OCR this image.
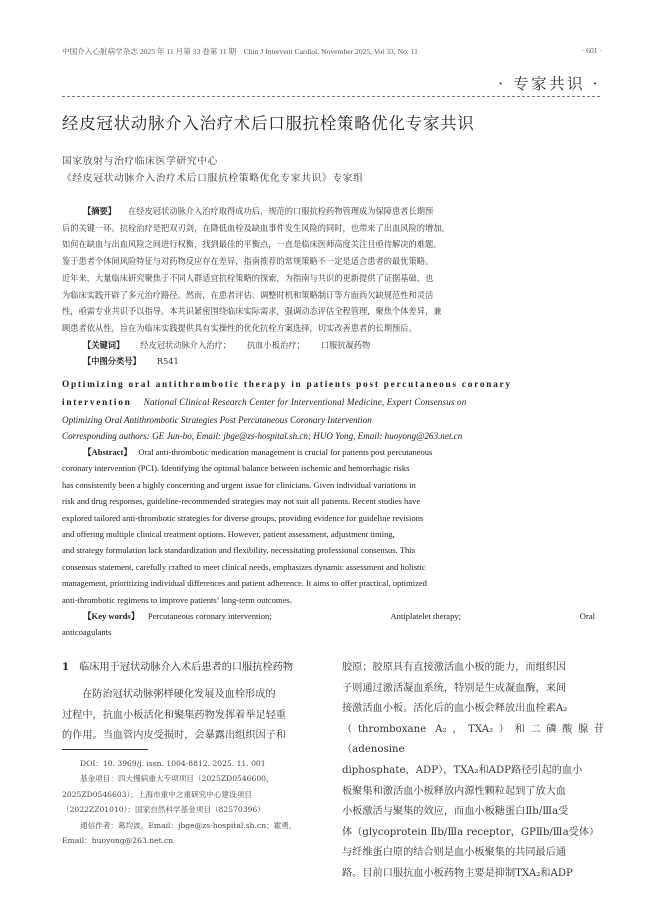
中国介入心脏病学杂志 2025 年 11 月第 33 卷第 11 期　Chin J Intervent Cardiol, November 2025, Vol 33, No. 11	· 601 ·
· 专家共识 ·
经皮冠状动脉介入治疗术后口服抗栓策略优化专家共识
国家放射与治疗临床医学研究中心
《经皮冠状动脉介入治疗术后口服抗栓策略优化专家共识》专家组

【摘要】 在经皮冠状动脉介入治疗取得成功后，规范的口服抗栓药物管理成为保障患者长期预
后的关键一环。抗栓治疗是把双刃剑，在降低血栓及缺血事件发生风险的同时，也带来了出血风险的增加。
如何在缺血与出血风险之间进行权衡，找到最佳的平衡点，一直是临床医师高度关注且亟待解决的难题。
鉴于患者个体间风险特征与对药物反应存在差异，指南推荐的常规策略不一定是适合患者的最优策略。
近年来，大量临床研究聚焦于不同人群适宜抗栓策略的探索，为指南与共识的更新提供了证据基础，也
为临床实践开辟了多元治疗路径。然而，在患者评估、调整时机和策略制订等方面尚欠缺规范性和灵活
性，亟需专业共识予以指导。本共识紧密围绕临床实际需求，强调动态评估全程管理，聚焦个体差异，兼
顾患者依从性，旨在为临床实践提供具有实操性的优化抗栓方案选择，切实改善患者的长期预后。

【关键词】 经皮冠状动脉介入治疗； 抗血小板治疗； 口服抗凝药物
【中图分类号】 R541
Optimizing oral antithrombotic therapy in patients post percutaneous coronary
intervention National Clinical Research Center for Interventional Medicine, Expert Consensus on
Optimizing Oral Antithrombotic Strategies Post Percutaneous Coronary Intervention
Corresponding authors: GE Jun-bo, Email: jbge@zs-hospital.sh.cn; HUO Yong, Email: huoyong@263.net.cn

【Abstract】 Oral anti-thrombotic medication management is crucial for patients post percutaneous
coronary intervention (PCI). Identifying the optimal balance between ischemic and hemorrhagic risks
has consistently been a highly concerning and urgent issue for clinicians. Given individual variations in
risk and drug responses, guideline-recommended strategies may not suit all patients. Recent studies have
explored tailored anti-thrombotic strategies for diverse groups, providing evidence for guideline revisions
and offering multiple clinical treatment options. However, patient assessment, adjustment timing,
and strategy formulation lack standardization and flexibility, necessitating professional consensus. This
consensus statement, carefully crafted to meet clinical needs, emphasizes dynamic assessment and holistic
management, prioritizing individual differences and patient adherence. It aims to offer practical, optimized
anti-thrombotic regimens to improve patients’ long-term outcomes.

【Key words】 Percutaneous coronary intervention;	Antiplatelet therapy;	Oral
anticoagulants
1 临床用于冠状动脉介入术后患者的口服抗栓药物
在防治冠状动脉粥样硬化发展及血栓形成的
过程中，抗血小板活化和聚集药物发挥着举足轻重
的作用。当血管内皮受损时，会暴露出组织因子和

DOI：10. 3969/j. issn. 1004-8812. 2025. 11. 001

基金项目：四大慢病重大专项项目（2025ZD0546600、

2025ZD0546603）；上海市重中之重研究中心建设项目

（2022ZZ01010）；国家自然科学基金项目（82570396）

通信作者：葛均波，Email：jbge@zs-hospital.sh.cn；霍勇，

Email：huoyong@263.net.cn

胶原；胶原具有直接激活血小板的能力，而组织因
子则通过激活凝血系统，特别是生成凝血酶，来间
接激活血小板。活化后的血小板会释放出血栓素A₂
（thromboxane A₂，TXA₂）和二磷酸腺苷（adenosine
diphosphate，ADP），TXA₂和ADP路径引起的血小
板聚集和激活血小板释放内源性颗粒起到了放大血
小板激活与聚集的效应，而血小板糖蛋白Ⅱb/Ⅲa受
体（glycoprotein Ⅱb/Ⅲa receptor，GPⅡb/Ⅲa受体）
与纤维蛋白原的结合则是血小板聚集的共同最后通
路。目前口服抗血小板药物主要是抑制TXA₂和ADP
